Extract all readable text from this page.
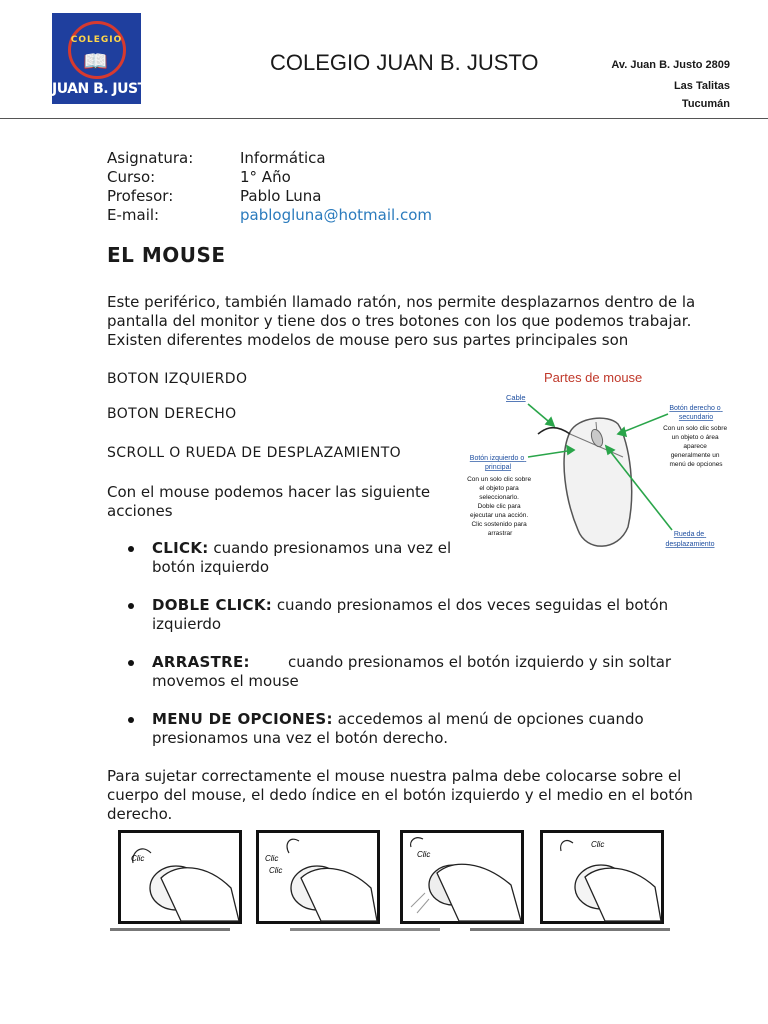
COLEGIO
📖
JUAN B. JUSTO
COLEGIO JUAN B. JUSTO	Av. Juan B. Justo 2809
Las Talitas
Tucumán
Asignatura:	Informática
Curso:	1° Año
Profesor:	Pablo Luna
E-mail:	pablogluna@hotmail.com
EL MOUSE
Este periférico, también llamado ratón, nos permite desplazarnos dentro de la
pantalla del monitor y tiene dos o tres botones con los que podemos trabajar.
Existen diferentes modelos de mouse pero sus partes principales son
BOTON IZQUIERDO
BOTON DERECHO
SCROLL O RUEDA DE DESPLAZAMIENTO
Con el mouse podemos hacer las siguiente
acciones
CLICK: cuando presionamos una vez el
botón izquierdo
DOBLE CLICK: cuando presionamos el dos veces seguidas el botón
izquierdo
ARRASTRE:	cuando presionamos el botón izquierdo y sin soltar
movemos el mouse
MENU DE OPCIONES: accedemos al menú de opciones cuando
presionamos una vez el botón derecho.
Para sujetar correctamente el mouse nuestra palma debe colocarse sobre el
cuerpo del mouse, el dedo índice en el botón izquierdo y el medio en el botón
derecho.
Partes de mouse
Cable
Botón derecho o secundario
Con un solo clic sobre un objeto o área aparece generalmente un menú de opciones
Botón izquierdo o principal
Con un solo clic sobre el objeto para seleccionarlo. Doble clic para ejecutar una acción. Clic sostenido para arrastrar	Rueda de desplazamiento
Clic	Clic
Clic
Clic
Clic
